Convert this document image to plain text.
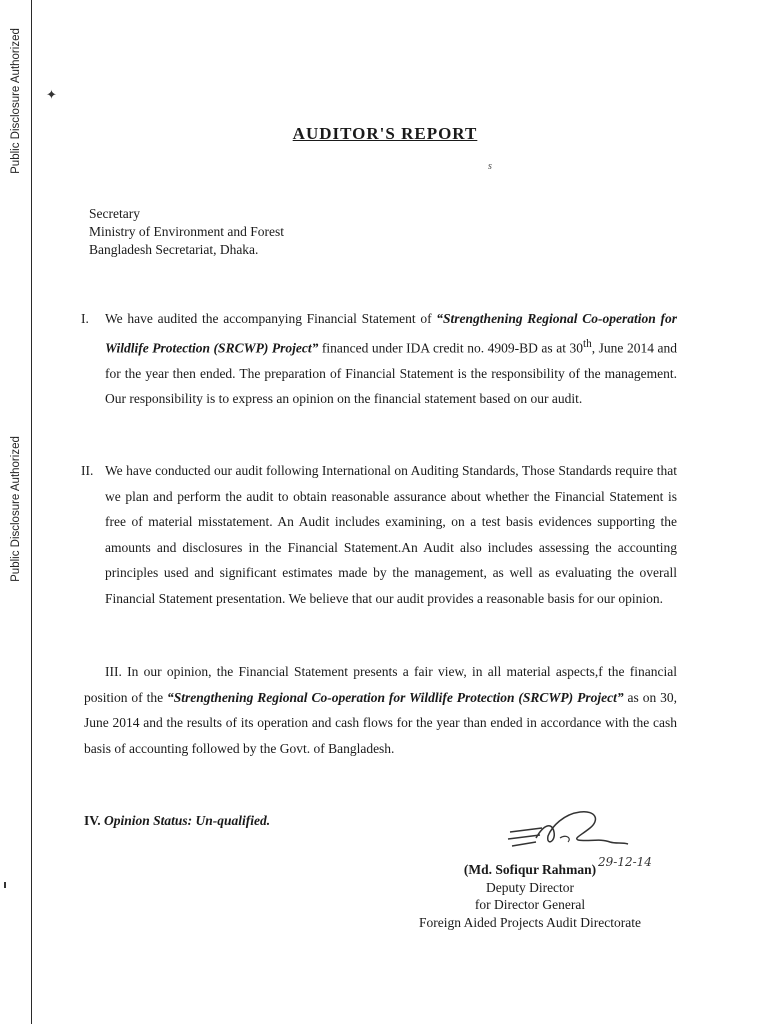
Public Disclosure Authorized
Public Disclosure Authorized
✦
AUDITOR'S REPORT
s
Secretary
Ministry of Environment and Forest
Bangladesh Secretariat, Dhaka.
I. We have audited the accompanying Financial Statement of “Strengthening Regional Co-operation for Wildlife Protection (SRCWP) Project” financed under IDA credit no. 4909-BD as at 30th, June 2014 and for the year then ended. The preparation of Financial Statement is the responsibility of the management. Our responsibility is to express an opinion on the financial statement based on our audit.
II. We have conducted our audit following International on Auditing Standards, Those Standards require that we plan and perform the audit to obtain reasonable assurance about whether the Financial Statement is free of material misstatement. An Audit includes examining, on a test basis evidences supporting the amounts and disclosures in the Financial Statement.An Audit also includes assessing the accounting principles used and significant estimates made by the management, as well as evaluating the overall Financial Statement presentation. We believe that our audit provides a reasonable basis for our opinion.
III. In our opinion, the Financial Statement presents a fair view, in all material aspects,f the financial position of the “Strengthening Regional Co-operation for Wildlife Protection (SRCWP) Project” as on 30, June 2014 and the results of its operation and cash flows for the year than ended in accordance with the cash basis of accounting followed by the Govt. of Bangladesh.
IV. Opinion Status: Un-qualified.
29-12-14
(Md. Sofiqur Rahman)
Deputy Director
for Director General
Foreign Aided Projects Audit Directorate
